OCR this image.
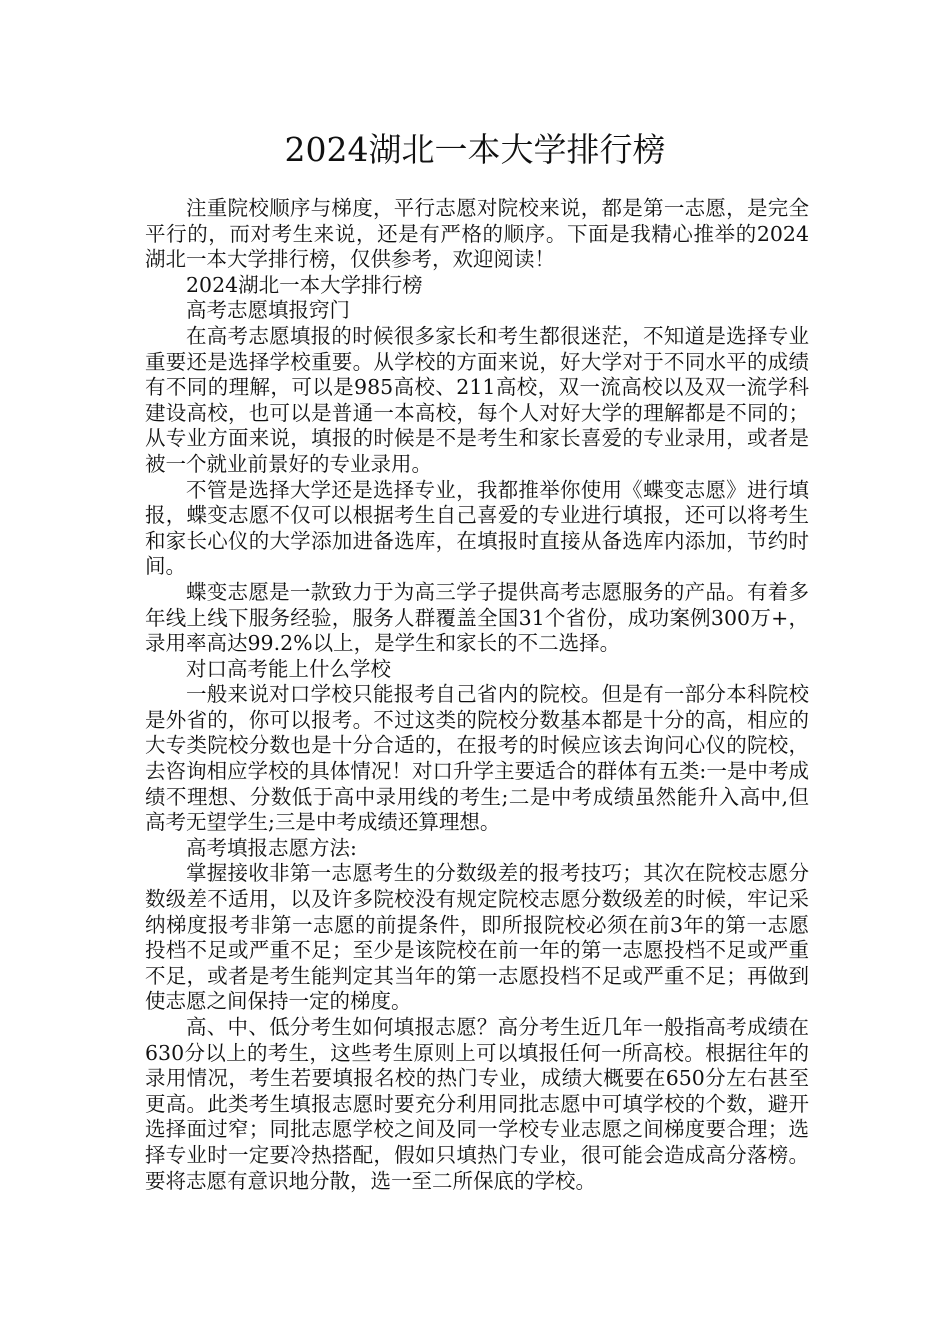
2024湖北一本大学排行榜

注重院校顺序与梯度，平行志愿对院校来说，都是第一志愿，是完全平行的，而对考生来说，还是有严格的顺序。下面是我精心推举的2024湖北一本大学排行榜，仅供参考，欢迎阅读！

2024湖北一本大学排行榜

高考志愿填报窍门

在高考志愿填报的时候很多家长和考生都很迷茫，不知道是选择专业重要还是选择学校重要。从学校的方面来说，好大学对于不同水平的成绩有不同的理解，可以是985高校、211高校，双一流高校以及双一流学科建设高校，也可以是普通一本高校，每个人对好大学的理解都是不同的；从专业方面来说，填报的时候是不是考生和家长喜爱的专业录用，或者是被一个就业前景好的专业录用。

不管是选择大学还是选择专业，我都推举你使用《蝶变志愿》进行填报，蝶变志愿不仅可以根据考生自己喜爱的专业进行填报，还可以将考生和家长心仪的大学添加进备选库，在填报时直接从备选库内添加，节约时间。

蝶变志愿是一款致力于为高三学子提供高考志愿服务的产品。有着多年线上线下服务经验，服务人群覆盖全国31个省份，成功案例300万+，录用率高达99.2%以上，是学生和家长的不二选择。

对口高考能上什么学校

一般来说对口学校只能报考自己省内的院校。但是有一部分本科院校是外省的，你可以报考。不过这类的院校分数基本都是十分的高，相应的大专类院校分数也是十分合适的，在报考的时候应该去询问心仪的院校，去咨询相应学校的具体情况！对口升学主要适合的群体有五类:一是中考成绩不理想、分数低于高中录用线的考生;二是中考成绩虽然能升入高中,但高考无望学生;三是中考成绩还算理想。

高考填报志愿方法:

掌握接收非第一志愿考生的分数级差的报考技巧；其次在院校志愿分数级差不适用，以及许多院校没有规定院校志愿分数级差的时候，牢记采纳梯度报考非第一志愿的前提条件，即所报院校必须在前3年的第一志愿投档不足或严重不足；至少是该院校在前一年的第一志愿投档不足或严重不足，或者是考生能判定其当年的第一志愿投档不足或严重不足；再做到使志愿之间保持一定的梯度。

高、中、低分考生如何填报志愿？高分考生近几年一般指高考成绩在630分以上的考生，这些考生原则上可以填报任何一所高校。根据往年的录用情况，考生若要填报名校的热门专业，成绩大概要在650分左右甚至更高。此类考生填报志愿时要充分利用同批志愿中可填学校的个数，避开选择面过窄；同批志愿学校之间及同一学校专业志愿之间梯度要合理；选择专业时一定要冷热搭配，假如只填热门专业，很可能会造成高分落榜。要将志愿有意识地分散，选一至二所保底的学校。
